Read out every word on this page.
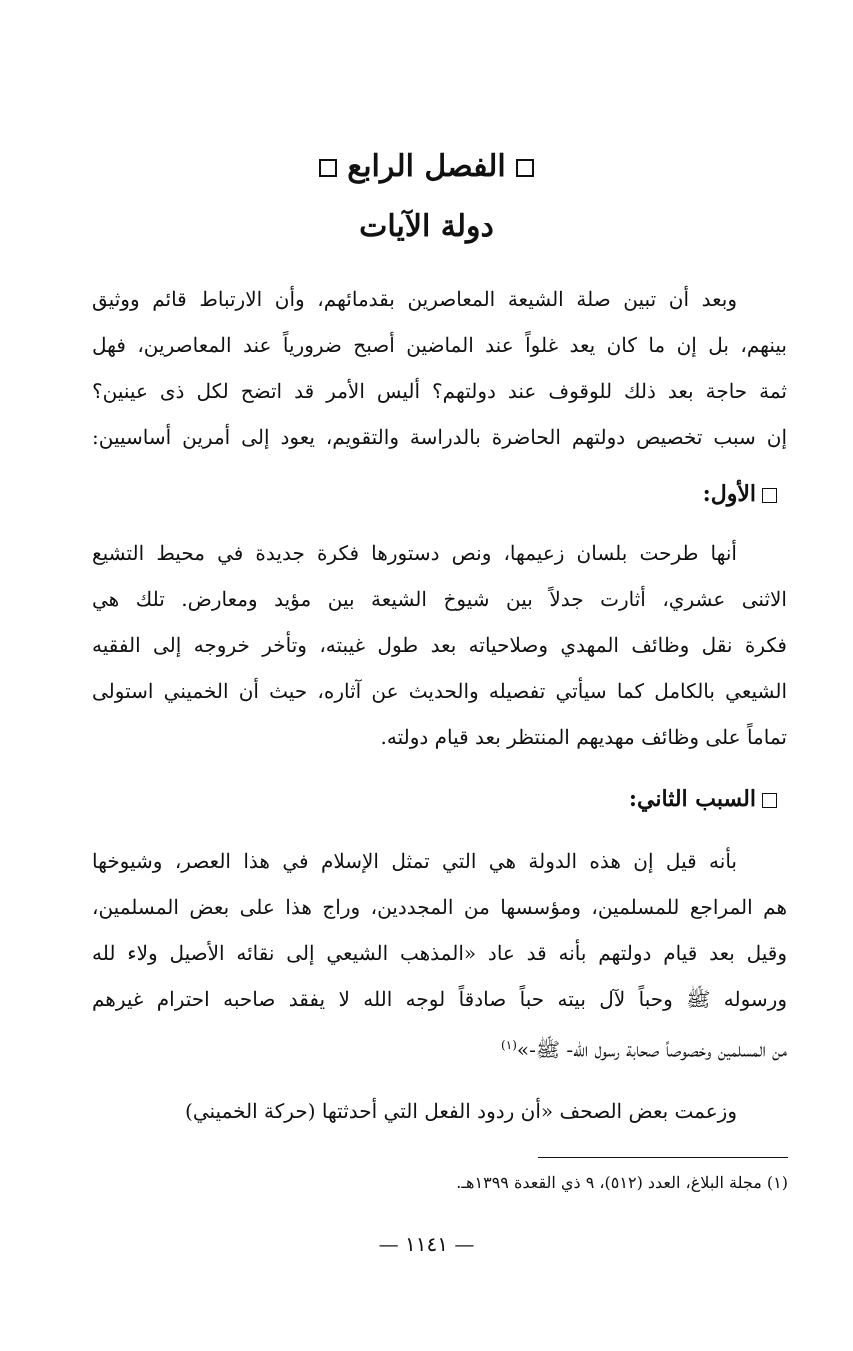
الفصل الرابع
دولة الآيات
وبعد أن تبين صلة الشيعة المعاصرين بقدمائهم، وأن الارتباط قائم ووثيق
بينهم، بل إن ما كان يعد غلواً عند الماضين أصبح ضرورياً عند المعاصرين، فهل
ثمة حاجة بعد ذلك للوقوف عند دولتهم؟ أليس الأمر قد اتضح لكل ذى عينين؟
إن سبب تخصيص دولتهم الحاضرة بالدراسة والتقويم، يعود إلى أمرين أساسيين:
الأول:
أنها طرحت بلسان زعيمها، ونص دستورها فكرة جديدة في محيط التشيع
الاثنى عشري، أثارت جدلاً بين شيوخ الشيعة بين مؤيد ومعارض. تلك هي
فكرة نقل وظائف المهدي وصلاحياته بعد طول غيبته، وتأخر خروجه إلى الفقيه
الشيعي بالكامل كما سيأتي تفصيله والحديث عن آثاره، حيث أن الخميني استولى
تماماً على وظائف مهديهم المنتظر بعد قيام دولته.
السبب الثاني:
بأنه قيل إن هذه الدولة هي التي تمثل الإسلام في هذا العصر، وشيوخها
هم المراجع للمسلمين، ومؤسسها من المجددين، وراج هذا على بعض المسلمين،
وقيل بعد قيام دولتهم بأنه قد عاد «المذهب الشيعي إلى نقائه الأصيل ولاء لله
ورسوله ﷺ وحباً لآل بيته حباً صادقاً لوجه الله لا يفقد صاحبه احترام غيرهم
من المسلمين وخصوصاً صحابة رسول الله- ﷺ-»$^{(١)}$
وزعمت بعض الصحف «أن ردود الفعل التي أحدثتها (حركة الخميني)
(١) مجلة البلاغ، العدد (٥١٢)، ٩ ذي القعدة ١٣٩٩هـ.
— ١١٤١ —
